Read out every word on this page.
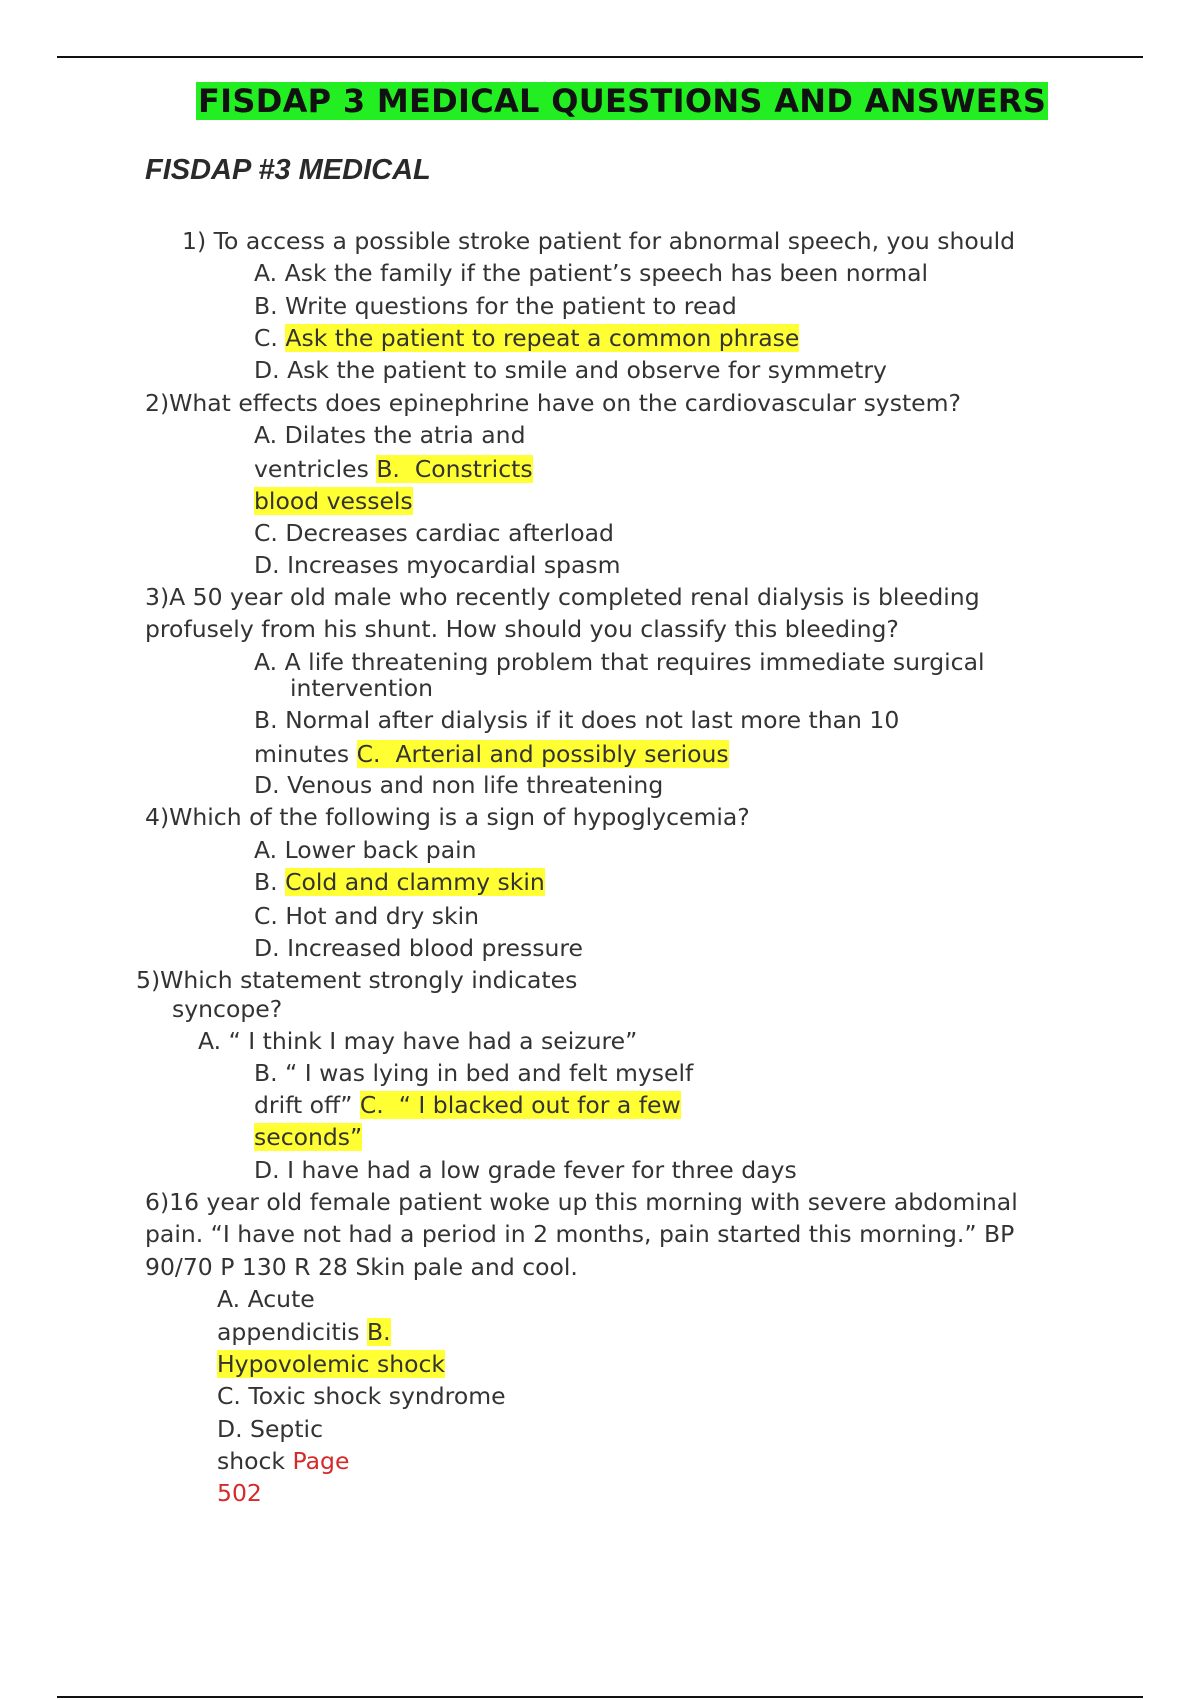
FISDAP 3 MEDICAL QUESTIONS AND ANSWERS
FISDAP #3 MEDICAL
1) To access a possible stroke patient for abnormal speech, you should
A. Ask the family if the patient’s speech has been normal
B. Write questions for the patient to read
C. Ask the patient to repeat a common phrase
D. Ask the patient to smile and observe for symmetry
2)What effects does epinephrine have on the cardiovascular system?
A. Dilates the atria and
ventricles B. Constricts
blood vessels
C. Decreases cardiac afterload
D. Increases myocardial spasm
3)A 50 year old male who recently completed renal dialysis is bleeding
profusely from his shunt. How should you classify this bleeding?
A. A life threatening problem that requires immediate surgical
intervention
B. Normal after dialysis if it does not last more than 10
minutes C. Arterial and possibly serious
D. Venous and non life threatening
4)Which of the following is a sign of hypoglycemia?
A. Lower back pain
B. Cold and clammy skin
C. Hot and dry skin
D. Increased blood pressure
5)Which statement strongly indicates
syncope?
A. “ I think I may have had a seizure”
B. “ I was lying in bed and felt myself
drift off” C. “ I blacked out for a few
seconds”
D. I have had a low grade fever for three days
6)16 year old female patient woke up this morning with severe abdominal
pain. “I have not had a period in 2 months, pain started this morning.” BP
90/70 P 130 R 28 Skin pale and cool.
A. Acute
appendicitis B.
Hypovolemic shock
C. Toxic shock syndrome
D. Septic
shock Page
502
